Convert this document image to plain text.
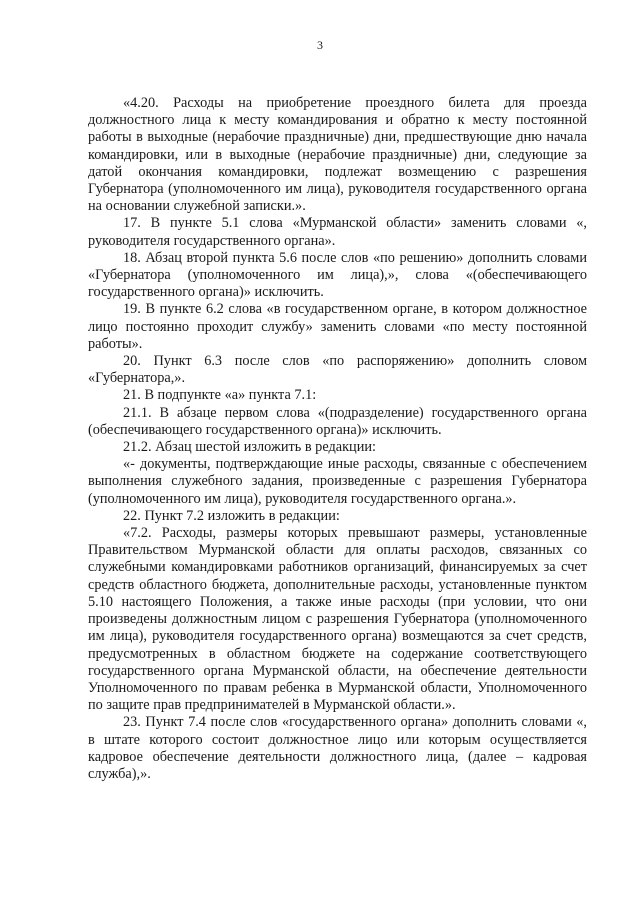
3

«4.20. Расходы на приобретение проездного билета для проезда должностного лица к месту командирования и обратно к месту постоянной работы в выходные (нерабочие праздничные) дни, предшествующие дню начала командировки, или в выходные (нерабочие праздничные) дни, следующие за датой окончания командировки, подлежат возмещению с разрешения Губернатора (уполномоченного им лица), руководителя государственного органа на основании служебной записки.».

17. В пункте 5.1 слова «Мурманской области» заменить словами «, руководителя государственного органа».

18. Абзац второй пункта 5.6 после слов «по решению» дополнить словами «Губернатора (уполномоченного им лица),», слова «(обеспечивающего государственного органа)» исключить.

19. В пункте 6.2 слова «в государственном органе, в котором должностное лицо постоянно проходит службу» заменить словами «по месту постоянной работы».

20. Пункт 6.3 после слов «по распоряжению» дополнить словом «Губернатора,».

21. В подпункте «а» пункта 7.1:

21.1. В абзаце первом слова «(подразделение) государственного органа (обеспечивающего государственного органа)» исключить.

21.2. Абзац шестой изложить в редакции:

«- документы, подтверждающие иные расходы, связанные с обеспечением выполнения служебного задания, произведенные с разрешения Губернатора (уполномоченного им лица), руководителя государственного органа.».

22. Пункт 7.2 изложить в редакции:

«7.2. Расходы, размеры которых превышают размеры, установленные Правительством Мурманской области для оплаты расходов, связанных со служебными командировками работников организаций, финансируемых за счет средств областного бюджета, дополнительные расходы, установленные пунктом 5.10 настоящего Положения, а также иные расходы (при условии, что они произведены должностным лицом с разрешения Губернатора (уполномоченного им лица), руководителя государственного органа) возмещаются за счет средств, предусмотренных в областном бюджете на содержание соответствующего государственного органа Мурманской области, на обеспечение деятельности Уполномоченного по правам ребенка в Мурманской области, Уполномоченного по защите прав предпринимателей в Мурманской области.».

23. Пункт 7.4 после слов «государственного органа» дополнить словами «, в штате которого состоит должностное лицо или которым осуществляется кадровое обеспечение деятельности должностного лица, (далее – кадровая служба),».
